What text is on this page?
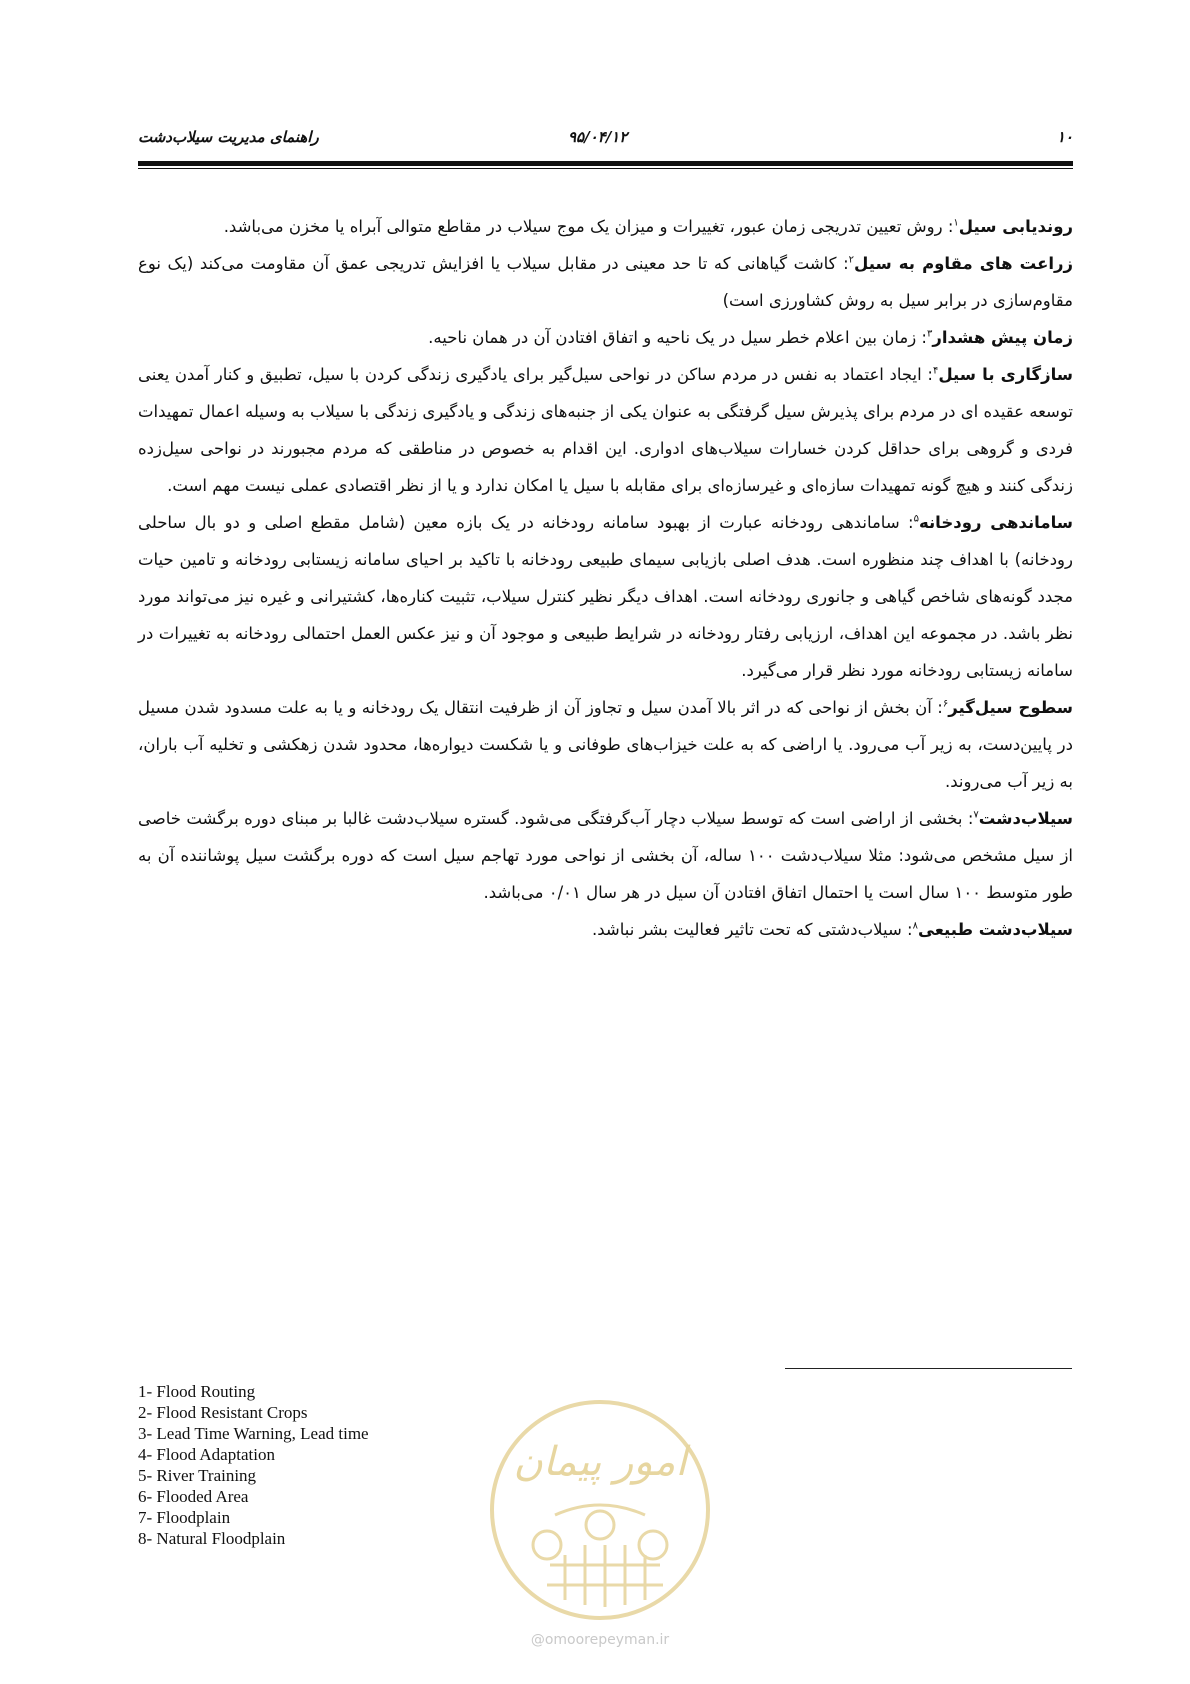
۱۰
۹۵/۰۴/۱۲
راهنمای مدیریت سیلاب‌دشت

روندیابی سیل$^۱$: روش تعیین تدریجی زمان عبور، تغییرات و میزان یک موج سیلاب در مقاطع متوالی آبراه یا مخزن می‌باشد.

زراعت های مقاوم به سیل$^۲$: کاشت گیاهانی که تا حد معینی در مقابل سیلاب یا افزایش تدریجی عمق آن مقاومت می‌کند (یک نوع مقاوم‌سازی در برابر سیل به روش کشاورزی است)

زمان پیش هشدار$^۳$: زمان بین اعلام خطر سیل در یک ناحیه و اتفاق افتادن آن در همان ناحیه.

سازگاری با سیل$^۴$: ایجاد اعتماد به نفس در مردم ساکن در نواحی سیل‌گیر برای یادگیری زندگی کردن با سیل، تطبیق و کنار آمدن یعنی توسعه عقیده ای در مردم برای پذیرش سیل گرفتگی به عنوان یکی از جنبه‌های زندگی و یادگیری زندگی با سیلاب به وسیله اعمال تمهیدات فردی و گروهی برای حداقل کردن خسارات سیلاب‌های ادواری. این اقدام به خصوص در مناطقی که مردم مجبورند در نواحی سیل‌زده زندگی کنند و هیچ گونه تمهیدات سازه‌ای و غیرسازه‌ای برای مقابله با سیل یا امکان ندارد و یا از نظر اقتصادی عملی نیست مهم است.

ساماندهی رودخانه$^۵$: ساماندهی رودخانه عبارت از بهبود سامانه رودخانه در یک بازه معین (شامل مقطع اصلی و دو بال ساحلی رودخانه) با اهداف چند منظوره است. هدف اصلی بازیابی سیمای طبیعی رودخانه با تاکید بر احیای سامانه زیستابی رودخانه و تامین حیات مجدد گونه‌های شاخص گیاهی و جانوری رودخانه است. اهداف دیگر نظیر کنترل سیلاب، تثبیت کناره‌ها، کشتیرانی و غیره نیز می‌تواند مورد نظر باشد. در مجموعه این اهداف، ارزیابی رفتار رودخانه در شرایط طبیعی و موجود آن و نیز عکس العمل احتمالی رودخانه به تغییرات در سامانه زیستابی رودخانه مورد نظر قرار می‌گیرد.

سطوح سیل‌گیر$^۶$: آن بخش از نواحی که در اثر بالا آمدن سیل و تجاوز آن از ظرفیت انتقال یک رودخانه و یا به علت مسدود شدن مسیل در پایین‌دست، به زیر آب می‌رود. یا اراضی که به علت خیزاب‌های طوفانی و یا شکست دیواره‌ها، محدود شدن زهکشی و تخلیه آب باران، به زیر آب می‌روند.

سیلاب‌دشت$^۷$: بخشی از اراضی است که توسط سیلاب دچار آب‌گرفتگی می‌شود. گستره سیلاب‌دشت غالبا بر مبنای دوره برگشت خاصی از سیل مشخص می‌شود: مثلا سیلاب‌دشت ۱۰۰ ساله، آن بخشی از نواحی مورد تهاجم سیل است که دوره برگشت سیل پوشاننده آن به طور متوسط ۱۰۰ سال است یا احتمال اتفاق افتادن آن سیل در هر سال ۰/۰۱ می‌باشد.

سیلاب‌دشت طبیعی$^۸$: سیلاب‌دشتی که تحت تاثیر فعالیت بشر نباشد.

1- Flood Routing
2- Flood Resistant Crops
3- Lead Time Warning, Lead time
4- Flood Adaptation
5- River Training
6- Flooded Area
7- Floodplain
8- Natural Floodplain
امور پیمان
@omoorepeyman.ir
